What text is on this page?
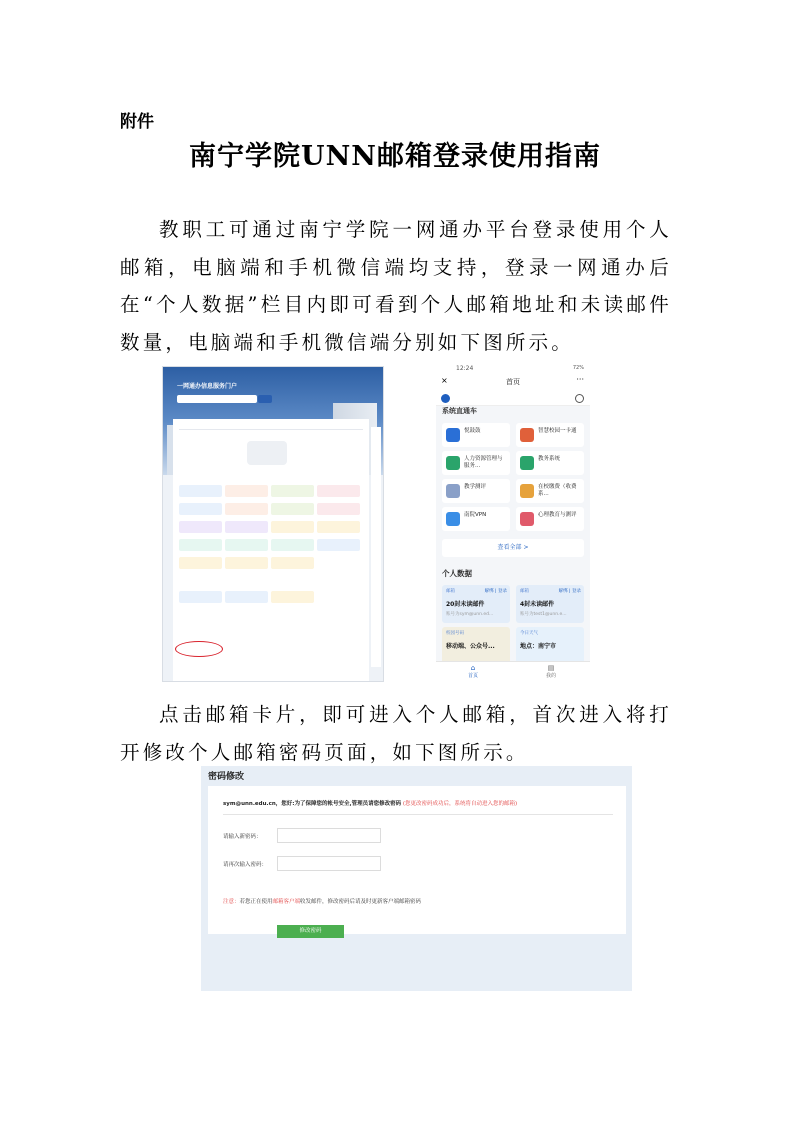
附件
南宁学院UNN邮箱登录使用指南
教职工可通过南宁学院一网通办平台登录使用个人邮箱，电脑端和手机微信端均支持，登录一网通办后在“个人数据”栏目内即可看到个人邮箱地址和未读邮件数量，电脑端和手机微信端分别如下图所示。
一网通办信息服务门户
12:24	72%
×	首页	···
系统直通车
悦鼓鼓	智慧校园一卡通
人力资源管理与服务...
教务系统
教学测评	在校缴费（收费系...
南院VPN	心理教育与测评
查看全部 >
个人数据
邮箱	解绑 | 登录
20封未读邮件
账号为sym@unn.ed...
邮箱	解绑 | 登录
4封未读邮件
账号为test1@unn.e...
校园号码
移动端、公众号...
今日天气
地点：南宁市
⌂
首页
▤
我的
点击邮箱卡片，即可进入个人邮箱，首次进入将打开修改个人邮箱密码页面，如下图所示。
密码修改
sym@unn.edu.cn，您好:为了保障您的帐号安全,管理员请您修改密码 (您更改密码成功后，系统将自动进入您的邮箱)
请输入新密码：
请再次输入密码：
注意：若您正在使用邮箱客户端收发邮件，修改密码后请及时更新客户端邮箱密码
修改密码
